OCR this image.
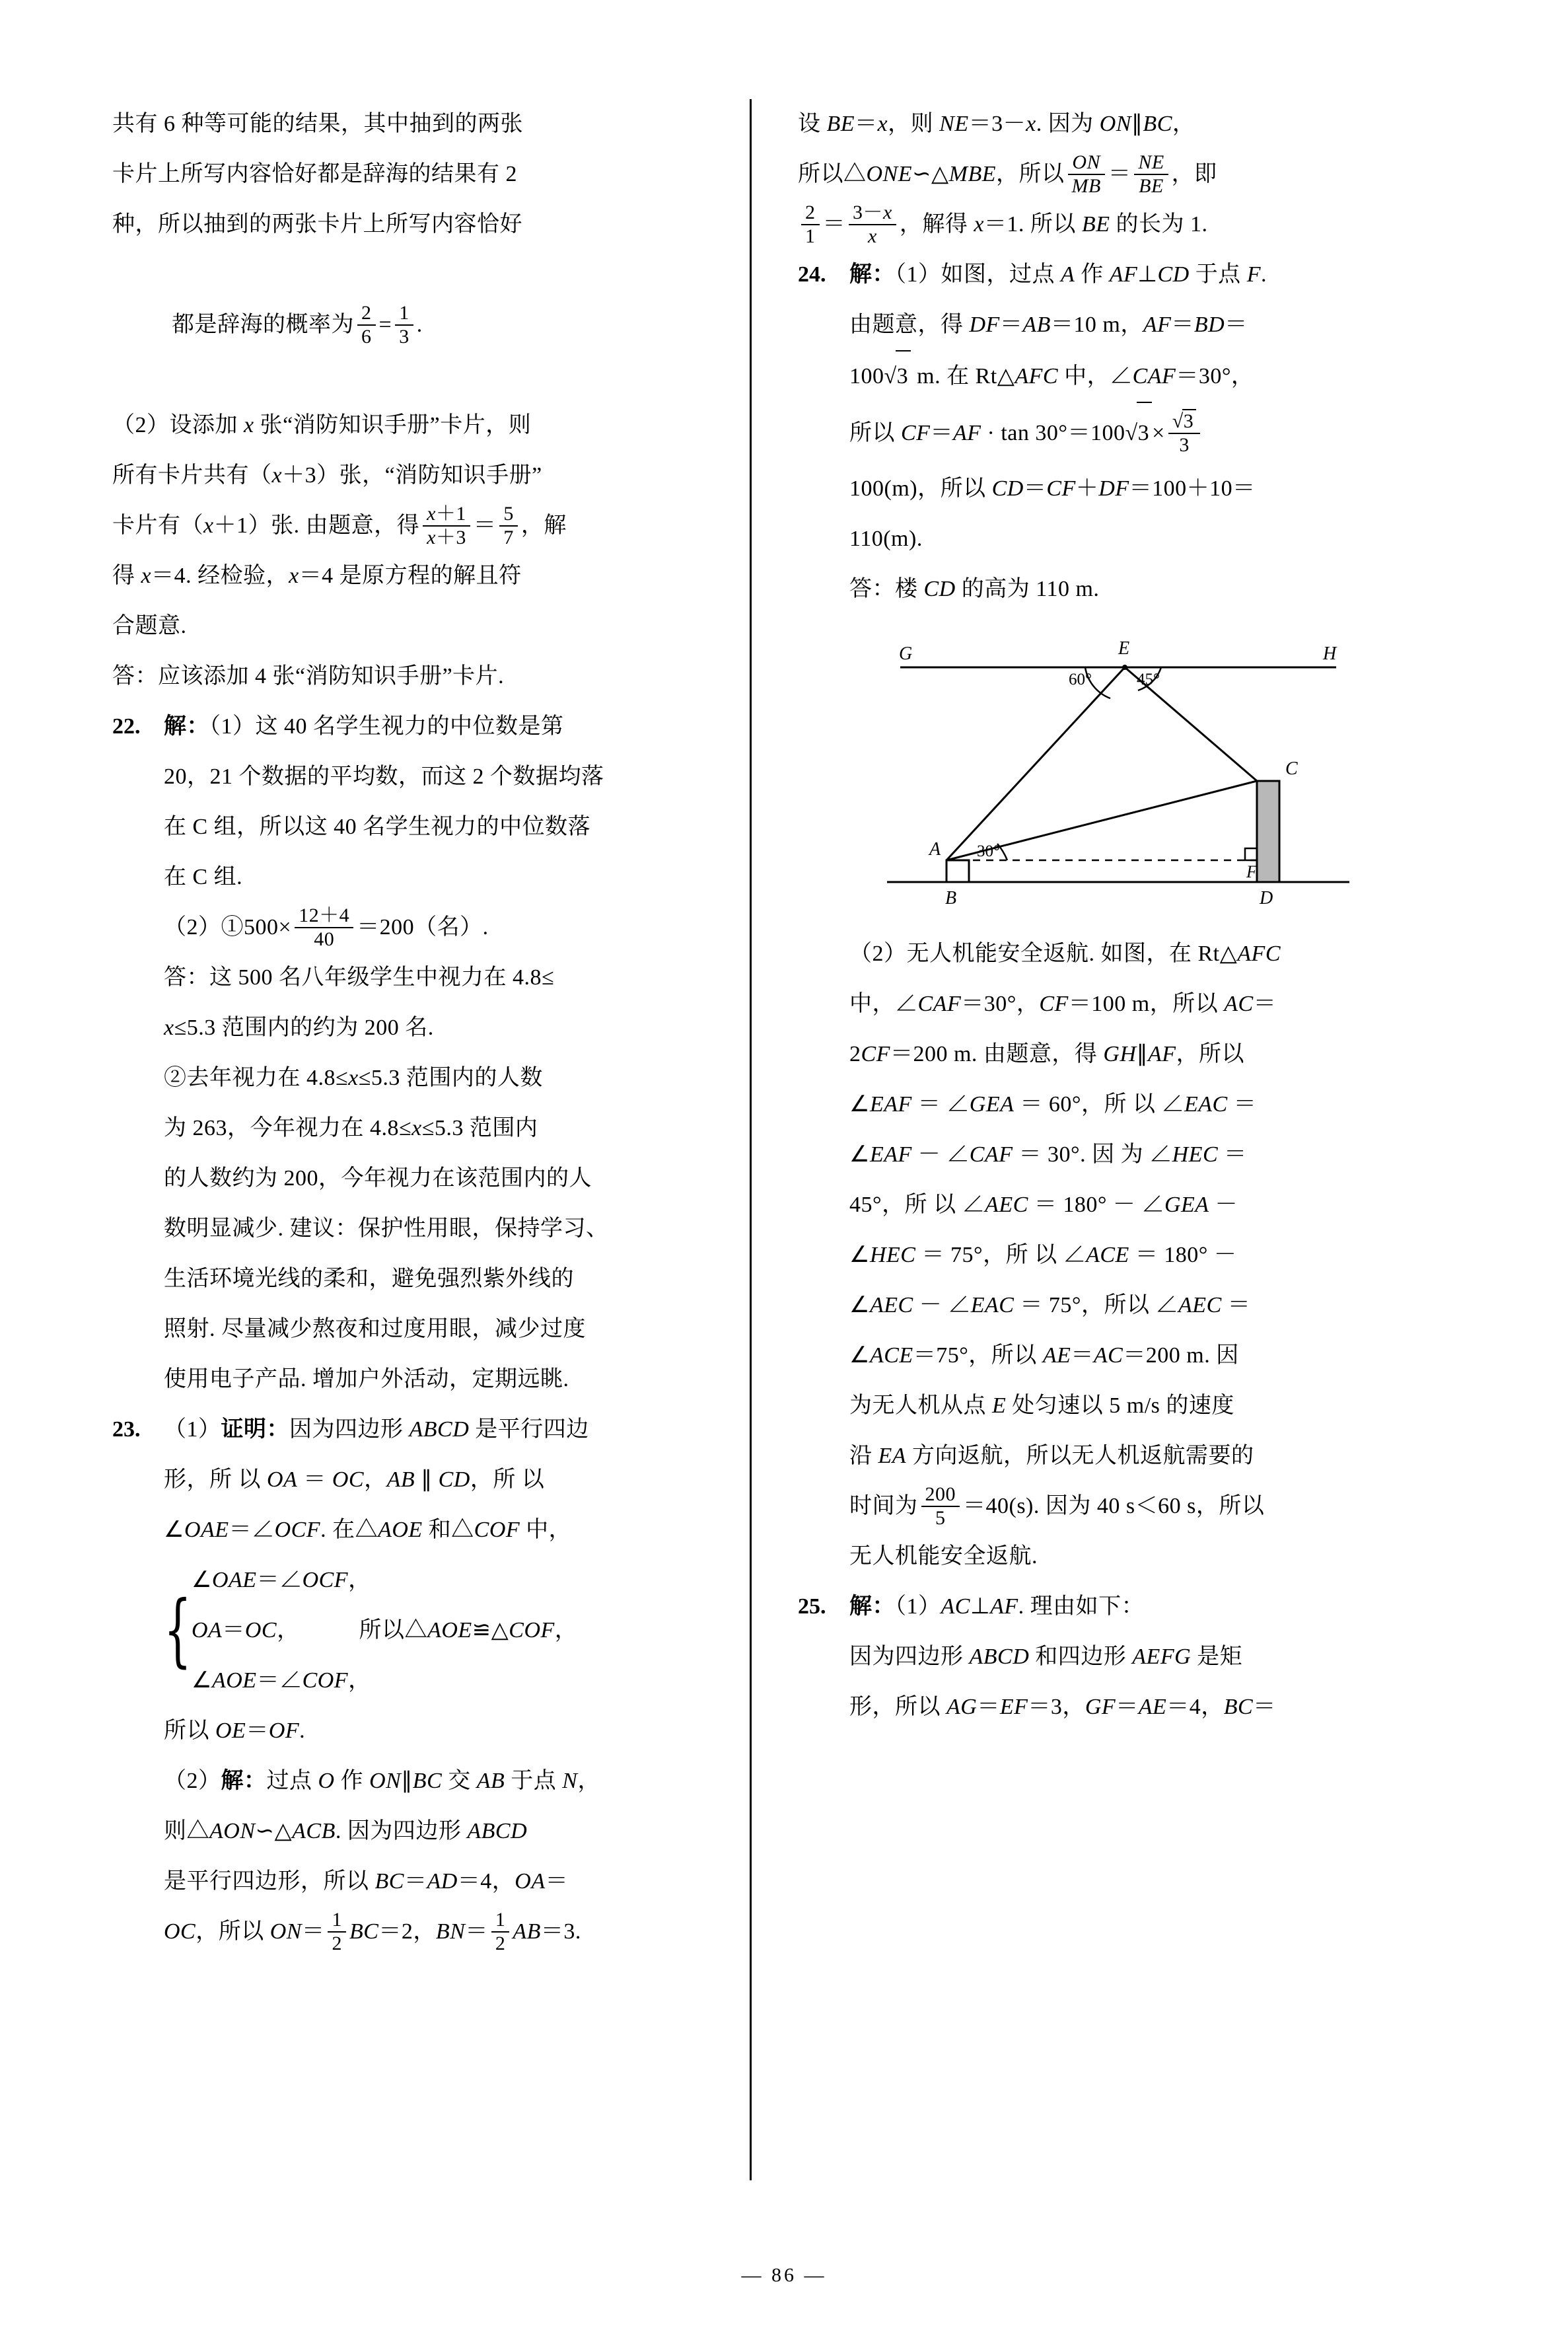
共有 6 种等可能的结果，其中抽到的两张
卡片上所写内容恰好都是辞海的结果有 2
种，所以抽到的两张卡片上所写内容恰好

都是辞海的概率为 $\frac{2}{6} = \frac{1}{3}$ .

（2）设添加 x 张“消防知识手册”卡片，则
所有卡片共有（x＋3）张，“消防知识手册”
卡片有（x＋1）张. 由题意，得 $\frac{x+1}{x+3} = \frac{5}{7}$ ，解
得 x＝4. 经检验，x＝4 是原方程的解且符
合题意.
答：应该添加 4 张“消防知识手册”卡片.
22. 解：（1）这 40 名学生视力的中位数是第
20，21 个数据的平均数，而这 2 个数据均落
在 C 组，所以这 40 名学生视力的中位数落
在 C 组.
（2）①500× $\frac{12+4}{40} =200$（名）.
答：这 500 名八年级学生中视力在 4.8≤
x≤5.3 范围内的约为 200 名.
②去年视力在 4.8≤x≤5.3 范围内的人数
为 263，今年视力在 4.8≤x≤5.3 范围内
的人数约为 200，今年视力在该范围内的人
数明显减少. 建议：保护性用眼，保持学习、
生活环境光线的柔和，避免强烈紫外线的
照射. 尽量减少熬夜和过度用眼，减少过度
使用电子产品. 增加户外活动，定期远眺.
23. （1）证明：因为四边形 ABCD 是平行四边
形，所 以 OA ＝ OC，AB ∥ CD，所 以
∠OAE＝∠OCF. 在△AOE 和△COF 中，
{
∠OAE＝∠OCF，
OA＝OC，          所以△AOE≌△COF，
∠AOE＝∠COF，
所以 OE＝OF.
（2）解：过点 O 作 ON∥BC 交 AB 于点 N，
则△AON∽△ACB. 因为四边形 ABCD
是平行四边形，所以 BC＝AD＝4，OA＝
OC，所以 $ON= \frac{1}{2} BC=2$，$BN= \frac{1}{2} AB=3$.
设 BE＝x，则 NE＝3－x. 因为 ON∥BC，
所以△ONE∽△MBE，所以 $\frac{ON}{MB} = \frac{NE}{BE}$ ，即
$\frac{2}{1} = \frac{3-x}{x}$ ，解得 x＝1. 所以 BE 的长为 1.
24. 解：（1）如图，过点 A 作 AF⊥CD 于点 F.
由题意，得 DF＝AB＝10 m，AF＝BD＝
100√3 m. 在 Rt△AFC 中，∠CAF＝30°，
所以 $CF=AF \cdot \tan 30^\circ=100√3 \times \frac{√3}{3}$
100(m)，所以 CD＝CF＋DF＝100＋10＝
110(m).
答：楼 CD 的高为 110 m.
G	E	H
C
A
B
F
D
60°	45°
30°
（2）无人机能安全返航. 如图，在 Rt△AFC
中，∠CAF＝30°，CF＝100 m，所以 AC＝
2CF＝200 m. 由题意，得 GH∥AF，所以
∠EAF ＝ ∠GEA ＝ 60°，所 以 ∠EAC ＝
∠EAF － ∠CAF ＝ 30°. 因 为 ∠HEC ＝
45°，所 以 ∠AEC ＝ 180° － ∠GEA －
∠HEC ＝ 75°，所 以 ∠ACE ＝ 180° －
∠AEC － ∠EAC ＝ 75°，所以 ∠AEC ＝
∠ACE＝75°，所以 AE＝AC＝200 m. 因
为无人机从点 E 处匀速以 5 m/s 的速度
沿 EA 方向返航，所以无人机返航需要的
时间为 $\frac{200}{5} =40(s)$. 因为 40 s＜60 s，所以
无人机能安全返航.
25. 解：（1）AC⊥AF. 理由如下：
因为四边形 ABCD 和四边形 AEFG 是矩
形，所以 AG＝EF＝3，GF＝AE＝4，BC＝
— 86 —
